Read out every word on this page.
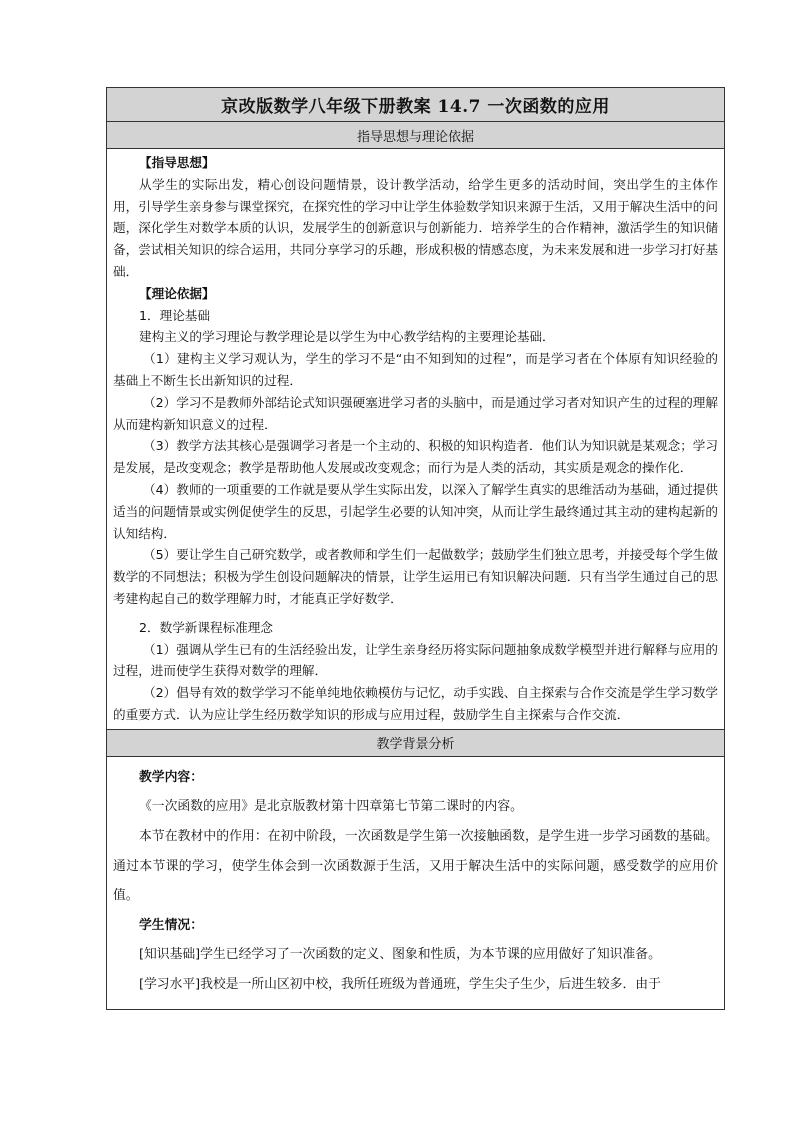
京改版数学八年级下册教案 14.7 一次函数的应用
指导思想与理论依据

【指导思想】

从学生的实际出发，精心创设问题情景，设计教学活动，给学生更多的活动时间，突出学生的主体作用，引导学生亲身参与课堂探究，在探究性的学习中让学生体验数学知识来源于生活，又用于解决生活中的问题，深化学生对数学本质的认识，发展学生的创新意识与创新能力．培养学生的合作精神，激活学生的知识储备，尝试相关知识的综合运用，共同分享学习的乐趣，形成积极的情感态度，为未来发展和进一步学习打好基础．

【理论依据】

1．理论基础

建构主义的学习理论与教学理论是以学生为中心教学结构的主要理论基础．

（1）建构主义学习观认为，学生的学习不是“由不知到知的过程”，而是学习者在个体原有知识经验的基础上不断生长出新知识的过程．

（2）学习不是教师外部结论式知识强硬塞进学习者的头脑中，而是通过学习者对知识产生的过程的理解从而建构新知识意义的过程．

（3）教学方法其核心是强调学习者是一个主动的、积极的知识构造者．他们认为知识就是某观念；学习是发展，是改变观念；教学是帮助他人发展或改变观念；而行为是人类的活动，其实质是观念的操作化．

（4）教师的一项重要的工作就是要从学生实际出发，以深入了解学生真实的思维活动为基础，通过提供适当的问题情景或实例促使学生的反思，引起学生必要的认知冲突，从而让学生最终通过其主动的建构起新的认知结构．

（5）要让学生自己研究数学，或者教师和学生们一起做数学；鼓励学生们独立思考，并接受每个学生做数学的不同想法；积极为学生创设问题解决的情景，让学生运用已有知识解决问题．只有当学生通过自己的思考建构起自己的数学理解力时，才能真正学好数学．

2．数学新课程标准理念

（1）强调从学生已有的生活经验出发，让学生亲身经历将实际问题抽象成数学模型并进行解释与应用的过程，进而使学生获得对数学的理解．

（2）倡导有效的数学学习不能单纯地依赖模仿与记忆，动手实践、自主探索与合作交流是学生学习数学的重要方式．认为应让学生经历数学知识的形成与应用过程，鼓励学生自主探索与合作交流．

教学背景分析

教学内容：

《一次函数的应用》是北京版教材第十四章第七节第二课时的内容。

本节在教材中的作用：在初中阶段，一次函数是学生第一次接触函数，是学生进一步学习函数的基础。通过本节课的学习，使学生体会到一次函数源于生活，又用于解决生活中的实际问题，感受数学的应用价值。

学生情况：

[知识基础]学生已经学习了一次函数的定义、图象和性质，为本节课的应用做好了知识准备。

[学习水平]我校是一所山区初中校，我所任班级为普通班，学生尖子生少，后进生较多．由于
